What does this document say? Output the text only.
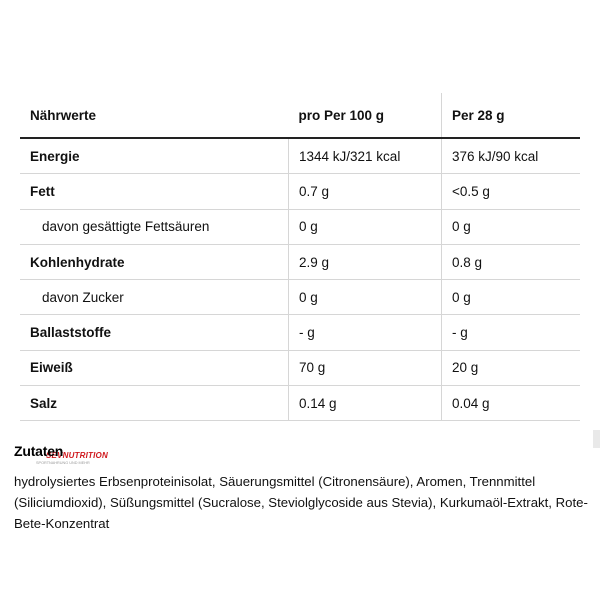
Nährwerte	pro Per 100 g	Per 28 g
Energie	1344 kJ/321 kcal	376 kJ/90 kcal
Fett	0.7 g	<0.5 g
davon gesättigte Fettsäuren	0 g	0 g
Kohlenhydrate	2.9 g	0.8 g
davon Zucker	0 g	0 g
Ballaststoffe	- g	- g
Eiweiß	70 g	20 g
Salz	0.14 g	0.04 g
SEVNUTRITION
Zutaten
SPORTNAHRUNG UND MEHR
hydrolysiertes Erbsenproteinisolat, Säuerungsmittel (Citronensäure), Aromen, Trennmittel (Siliciumdioxid), Süßungsmittel (Sucralose, Steviolglycoside aus Stevia), Kurkumaöl-Extrakt, Rote-Bete-Konzentrat
